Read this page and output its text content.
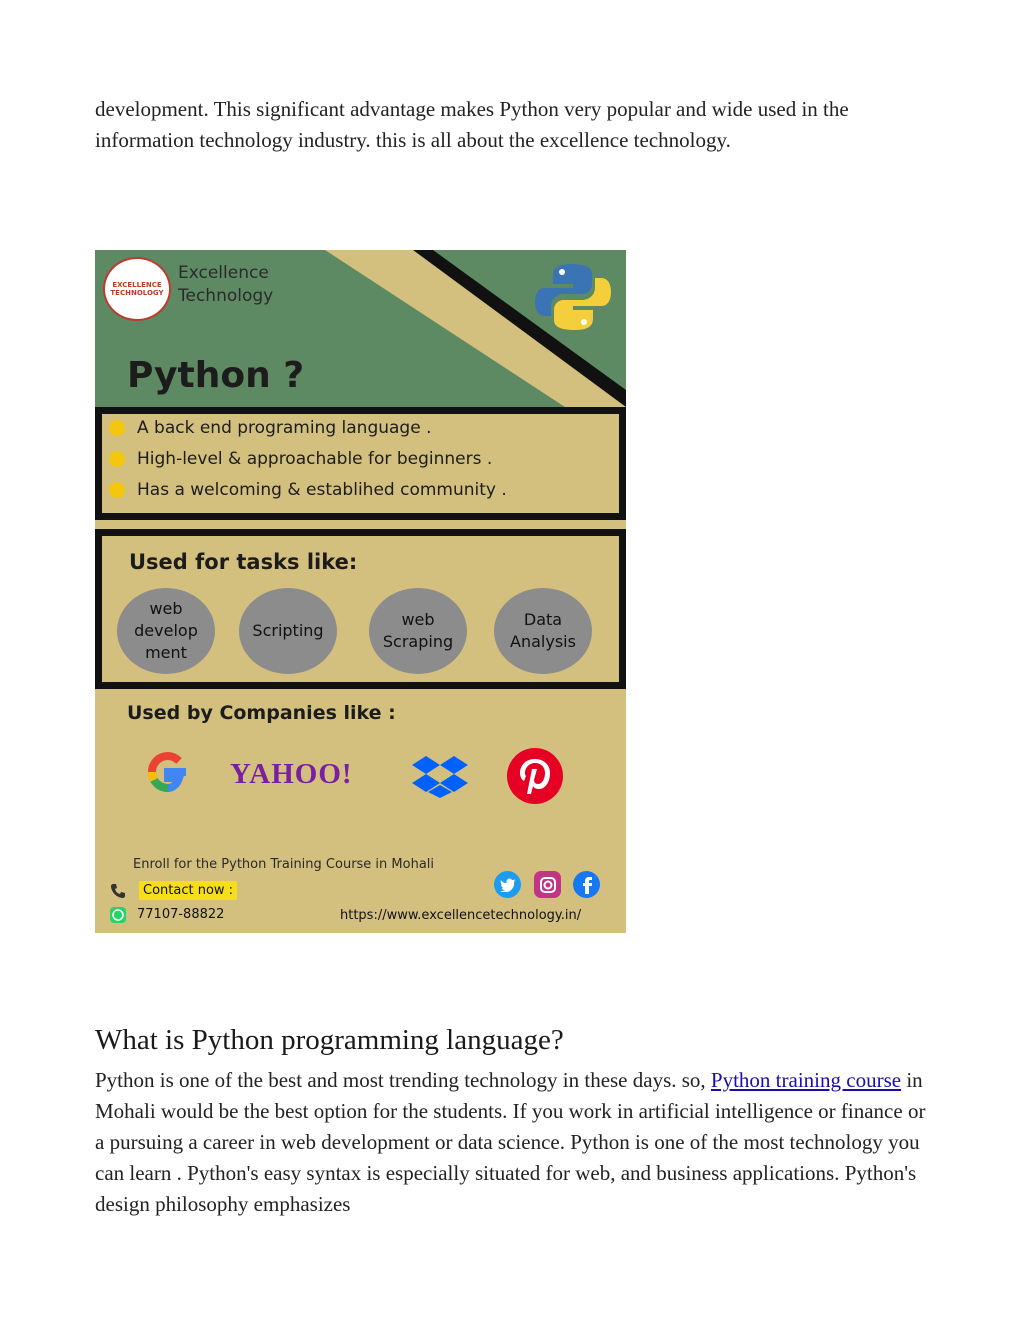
development. This significant advantage makes Python very popular and wide used in the information technology industry. this is all about the excellence technology.

EXCELLENCE TECHNOLOGY
Excellence
Technology
Python ?
A back end programing language .
High-level & approachable for beginners .
Has a welcoming & establihed community .
Used for tasks like:
web
develop
ment
Scripting
web
Scraping
Data
Analysis
Used by Companies like :
YAHOO!
Enroll for the Python Training Course in Mohali
Contact now :
77107-88822	https://www.excellencetechnology.in/
What is Python programming language?

Python is one of the best and most trending technology in these days. so, Python training course in Mohali would be the best option for the students. If you work in artificial intelligence or finance or a pursuing a career in web development or data science. Python is one of the most technology you can learn . Python's easy syntax is especially situated for web, and business applications. Python's design philosophy emphasizes
